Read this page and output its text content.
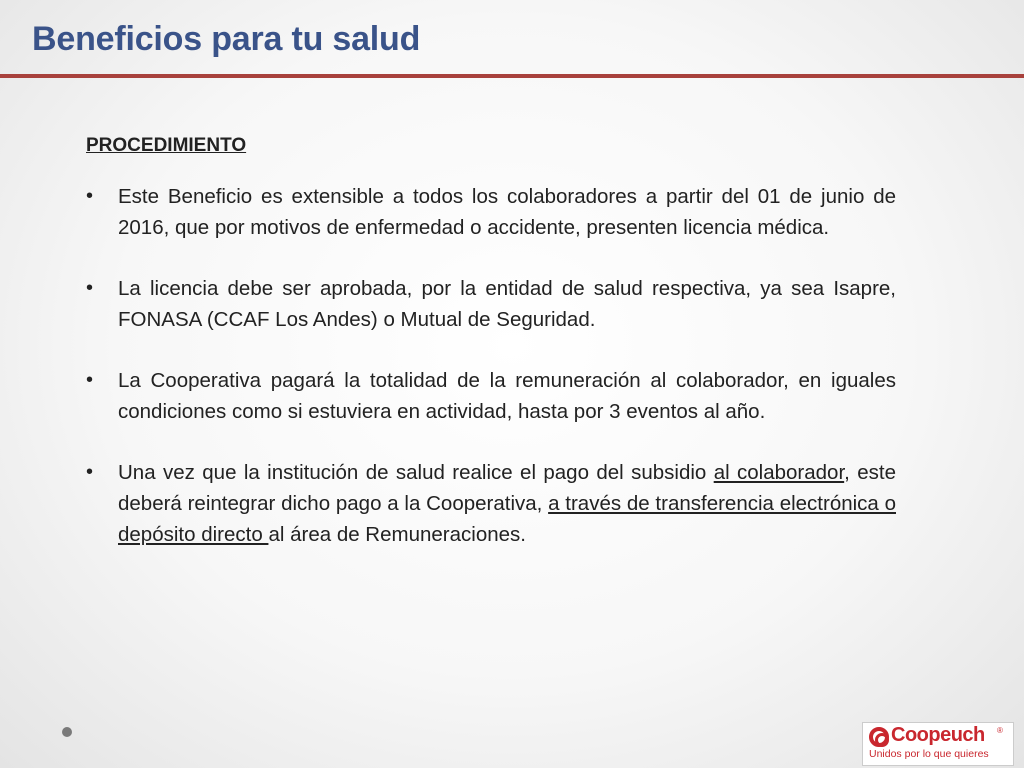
Beneficios para tu salud
PROCEDIMIENTO
• Este Beneficio es extensible a todos los colaboradores a partir del 01 de junio de 2016, que por motivos de enfermedad o accidente, presenten licencia médica.
• La licencia debe ser aprobada, por la entidad de salud respectiva, ya sea Isapre, FONASA (CCAF Los Andes) o Mutual de Seguridad.
• La Cooperativa pagará la totalidad de la remuneración al colaborador, en iguales condiciones como si estuviera en actividad, hasta por 3 eventos al año.
• Una vez que la institución de salud realice el pago del subsidio al colaborador, este deberá reintegrar dicho pago a la Cooperativa, a través de transferencia electrónica o depósito directo al área de Remuneraciones.
Coopeuch ®
Unidos por lo que quieres
